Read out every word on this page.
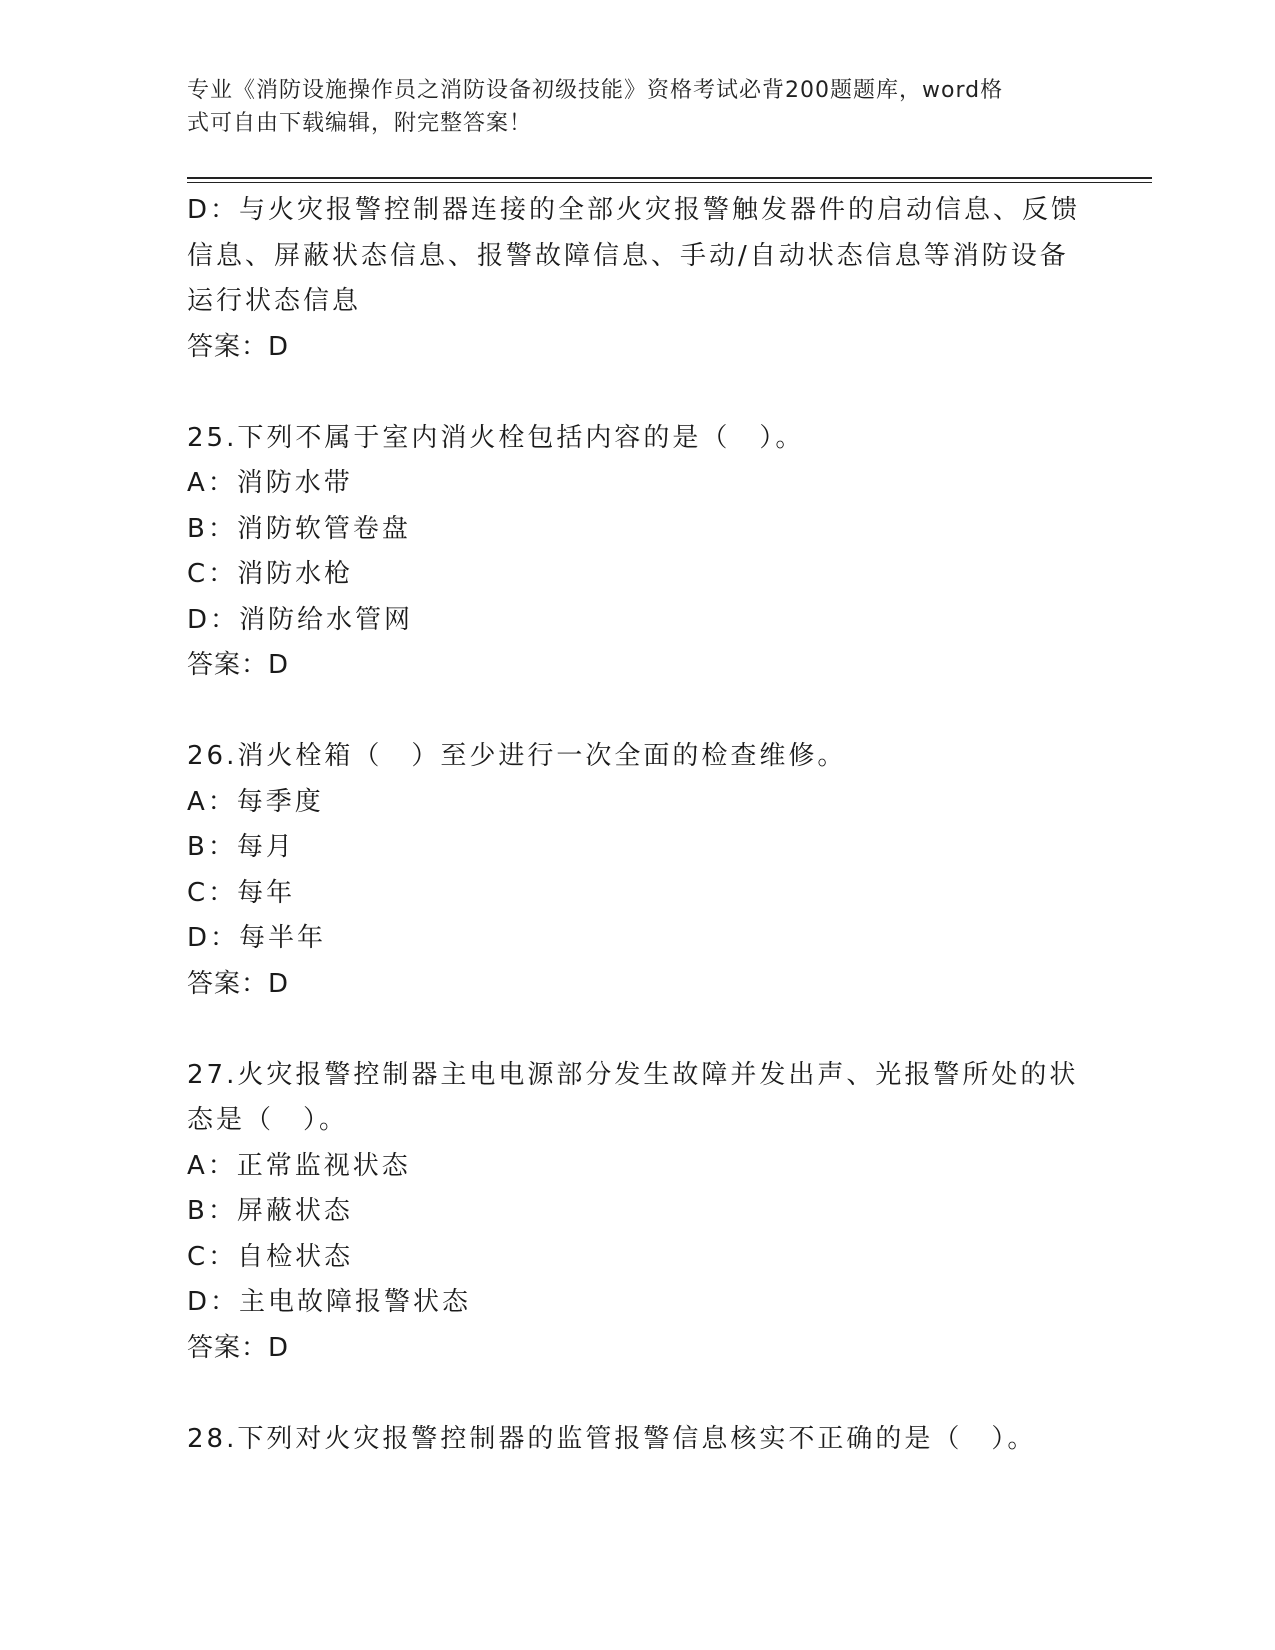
专业《消防设施操作员之消防设备初级技能》资格考试必背200题题库，word格
式可自由下载编辑，附完整答案！
D：与火灾报警控制器连接的全部火灾报警触发器件的启动信息、反馈
信息、屏蔽状态信息、报警故障信息、手动/自动状态信息等消防设备
运行状态信息
答案：D
25.下列不属于室内消火栓包括内容的是（　）。
A：消防水带
B：消防软管卷盘
C：消防水枪
D：消防给水管网
答案：D
26.消火栓箱（　）至少进行一次全面的检查维修。
A：每季度
B：每月
C：每年
D：每半年
答案：D
27.火灾报警控制器主电电源部分发生故障并发出声、光报警所处的状
态是（　）。
A：正常监视状态
B：屏蔽状态
C：自检状态
D：主电故障报警状态
答案：D
28.下列对火灾报警控制器的监管报警信息核实不正确的是（　）。
